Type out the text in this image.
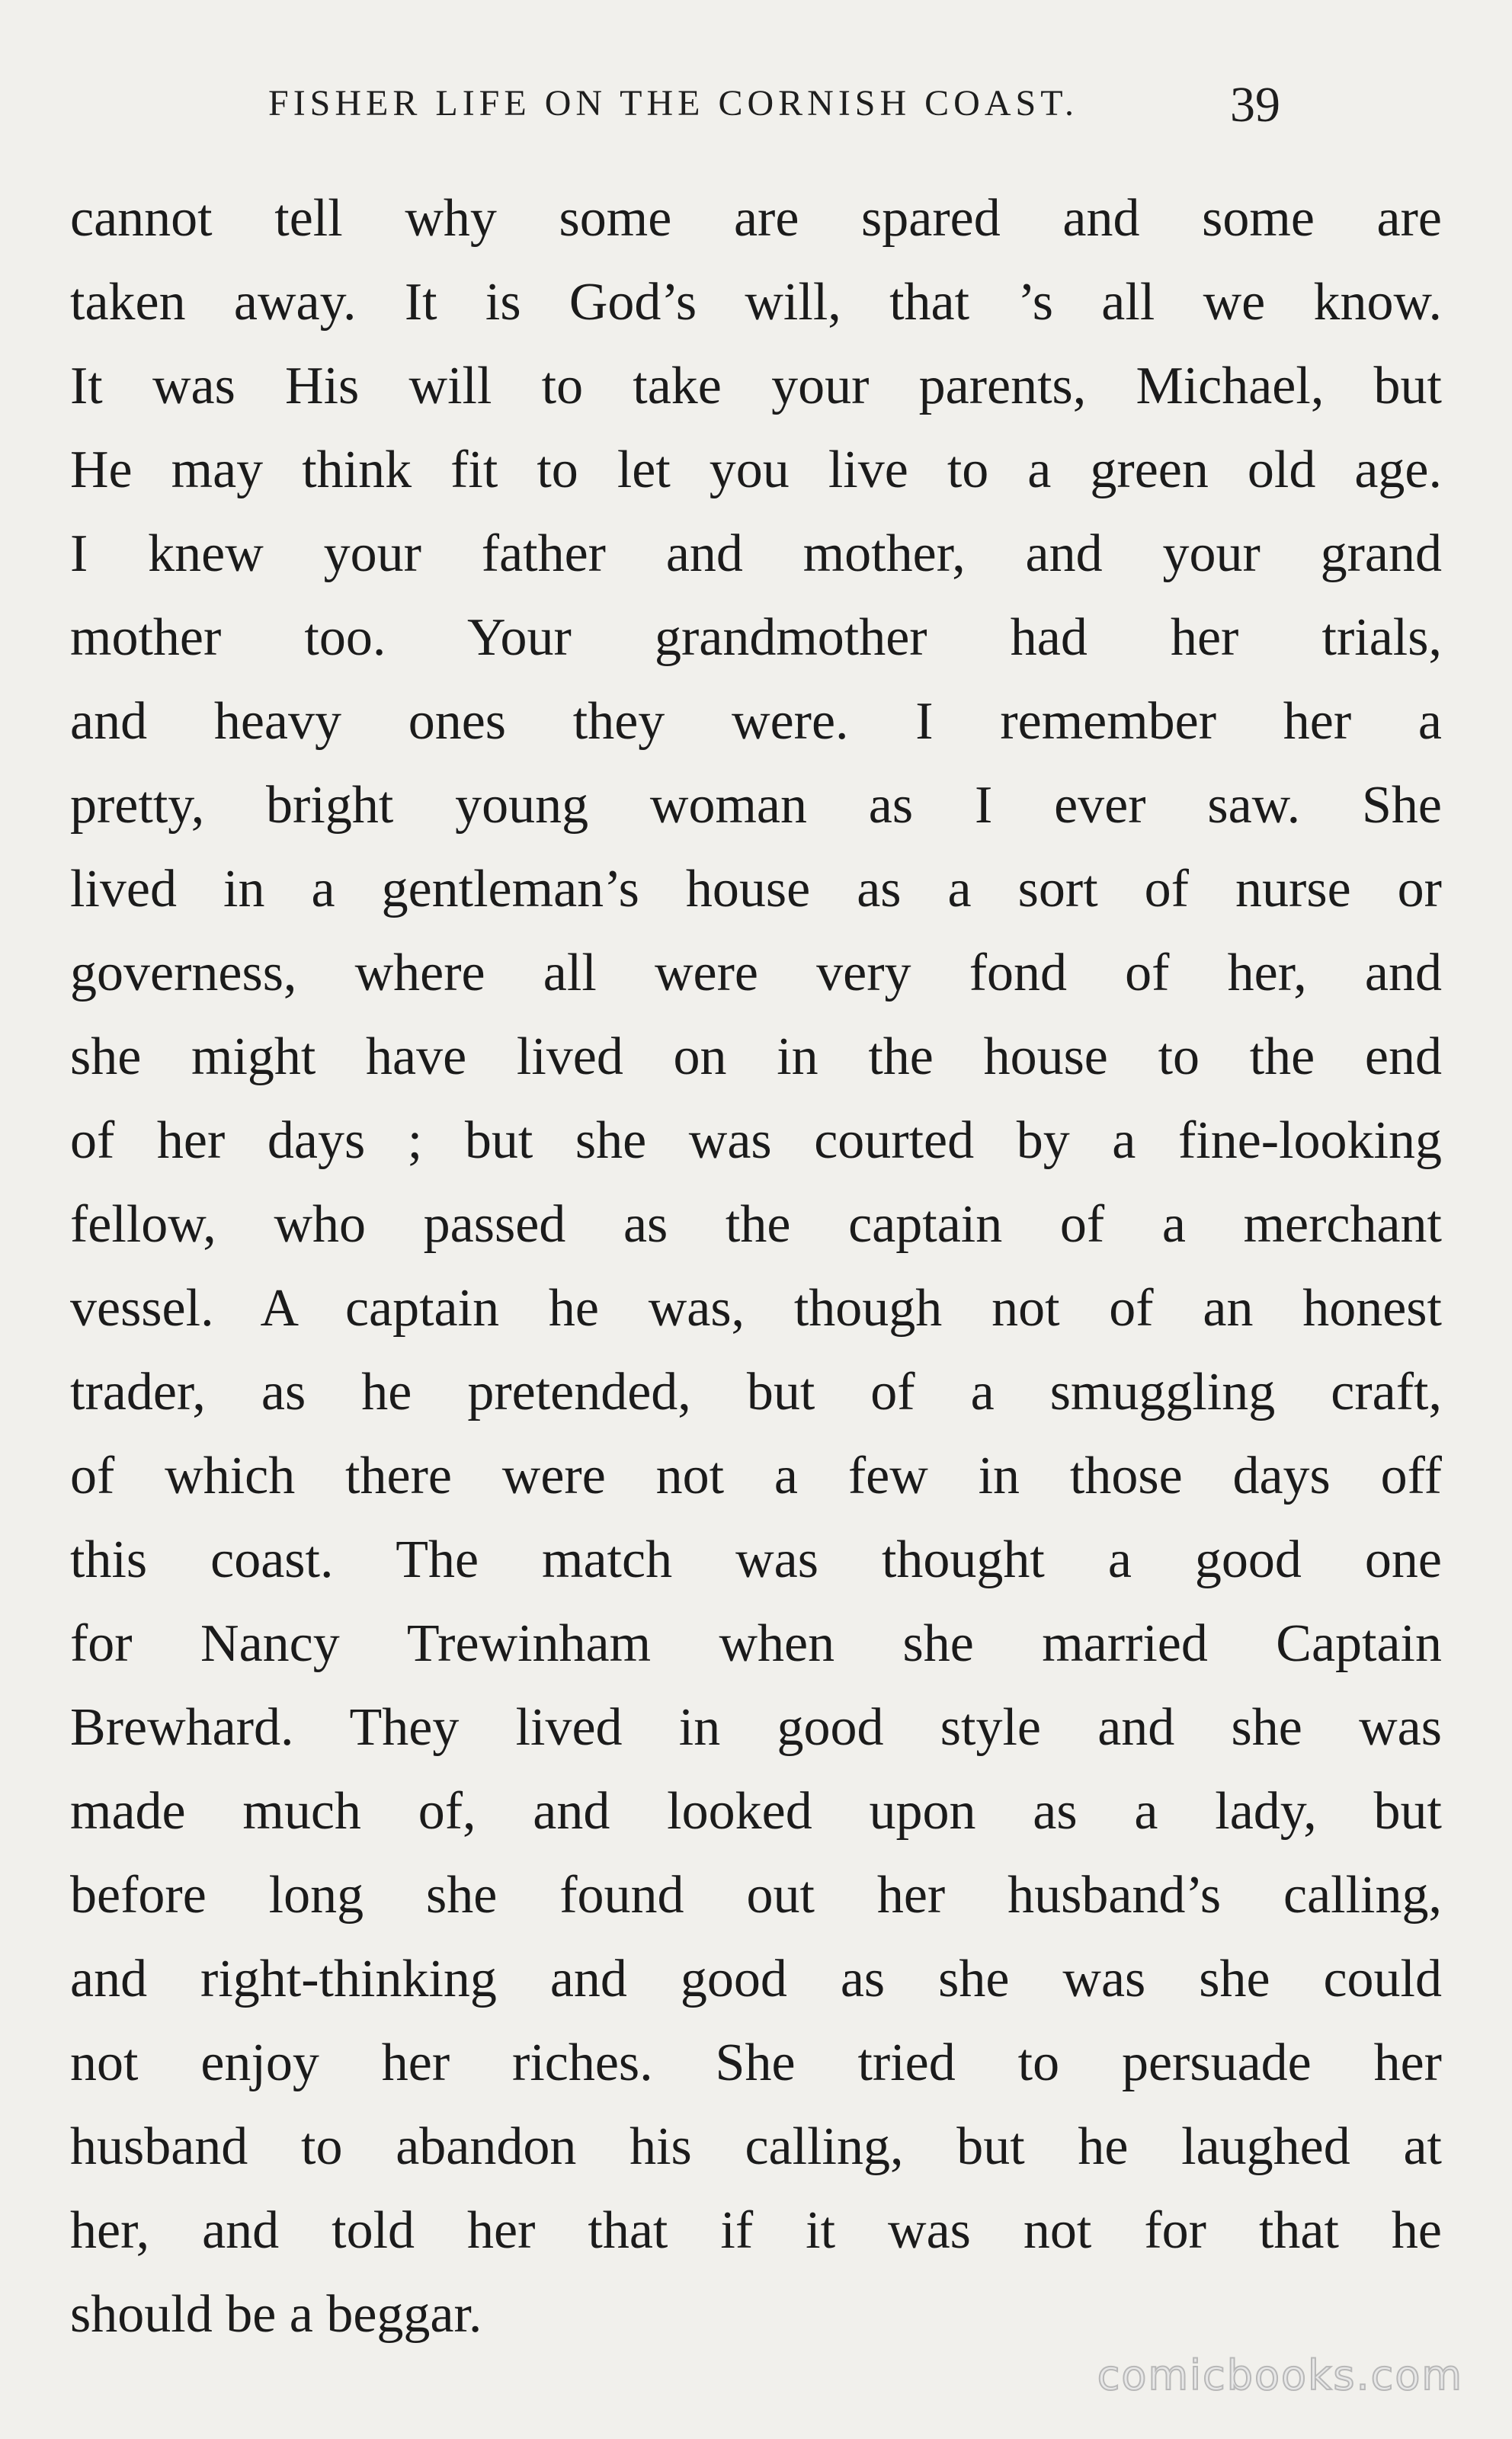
FISHER LIFE ON THE CORNISH COAST.	39
cannot tell why some are spared and some are
taken away. It is God’s will, that ’s all we know.
It was His will to take your parents, Michael, but
He may think fit to let you live to a green old age.
I knew your father and mother, and your grand
mother too. Your grandmother had her trials,
and heavy ones they were. I remember her a
pretty, bright young woman as I ever saw. She
lived in a gentleman’s house as a sort of nurse or
governess, where all were very fond of her, and
she might have lived on in the house to the end
of her days ; but she was courted by a fine-looking
fellow, who passed as the captain of a merchant
vessel. A captain he was, though not of an honest
trader, as he pretended, but of a smuggling craft,
of which there were not a few in those days off
this coast. The match was thought a good one
for Nancy Trewinham when she married Captain
Brewhard. They lived in good style and she was
made much of, and looked upon as a lady, but
before long she found out her husband’s calling,
and right-thinking and good as she was she could
not enjoy her riches. She tried to persuade her
husband to abandon his calling, but he laughed at
her, and told her that if it was not for that he
should be a beggar.
comicbooks.com
